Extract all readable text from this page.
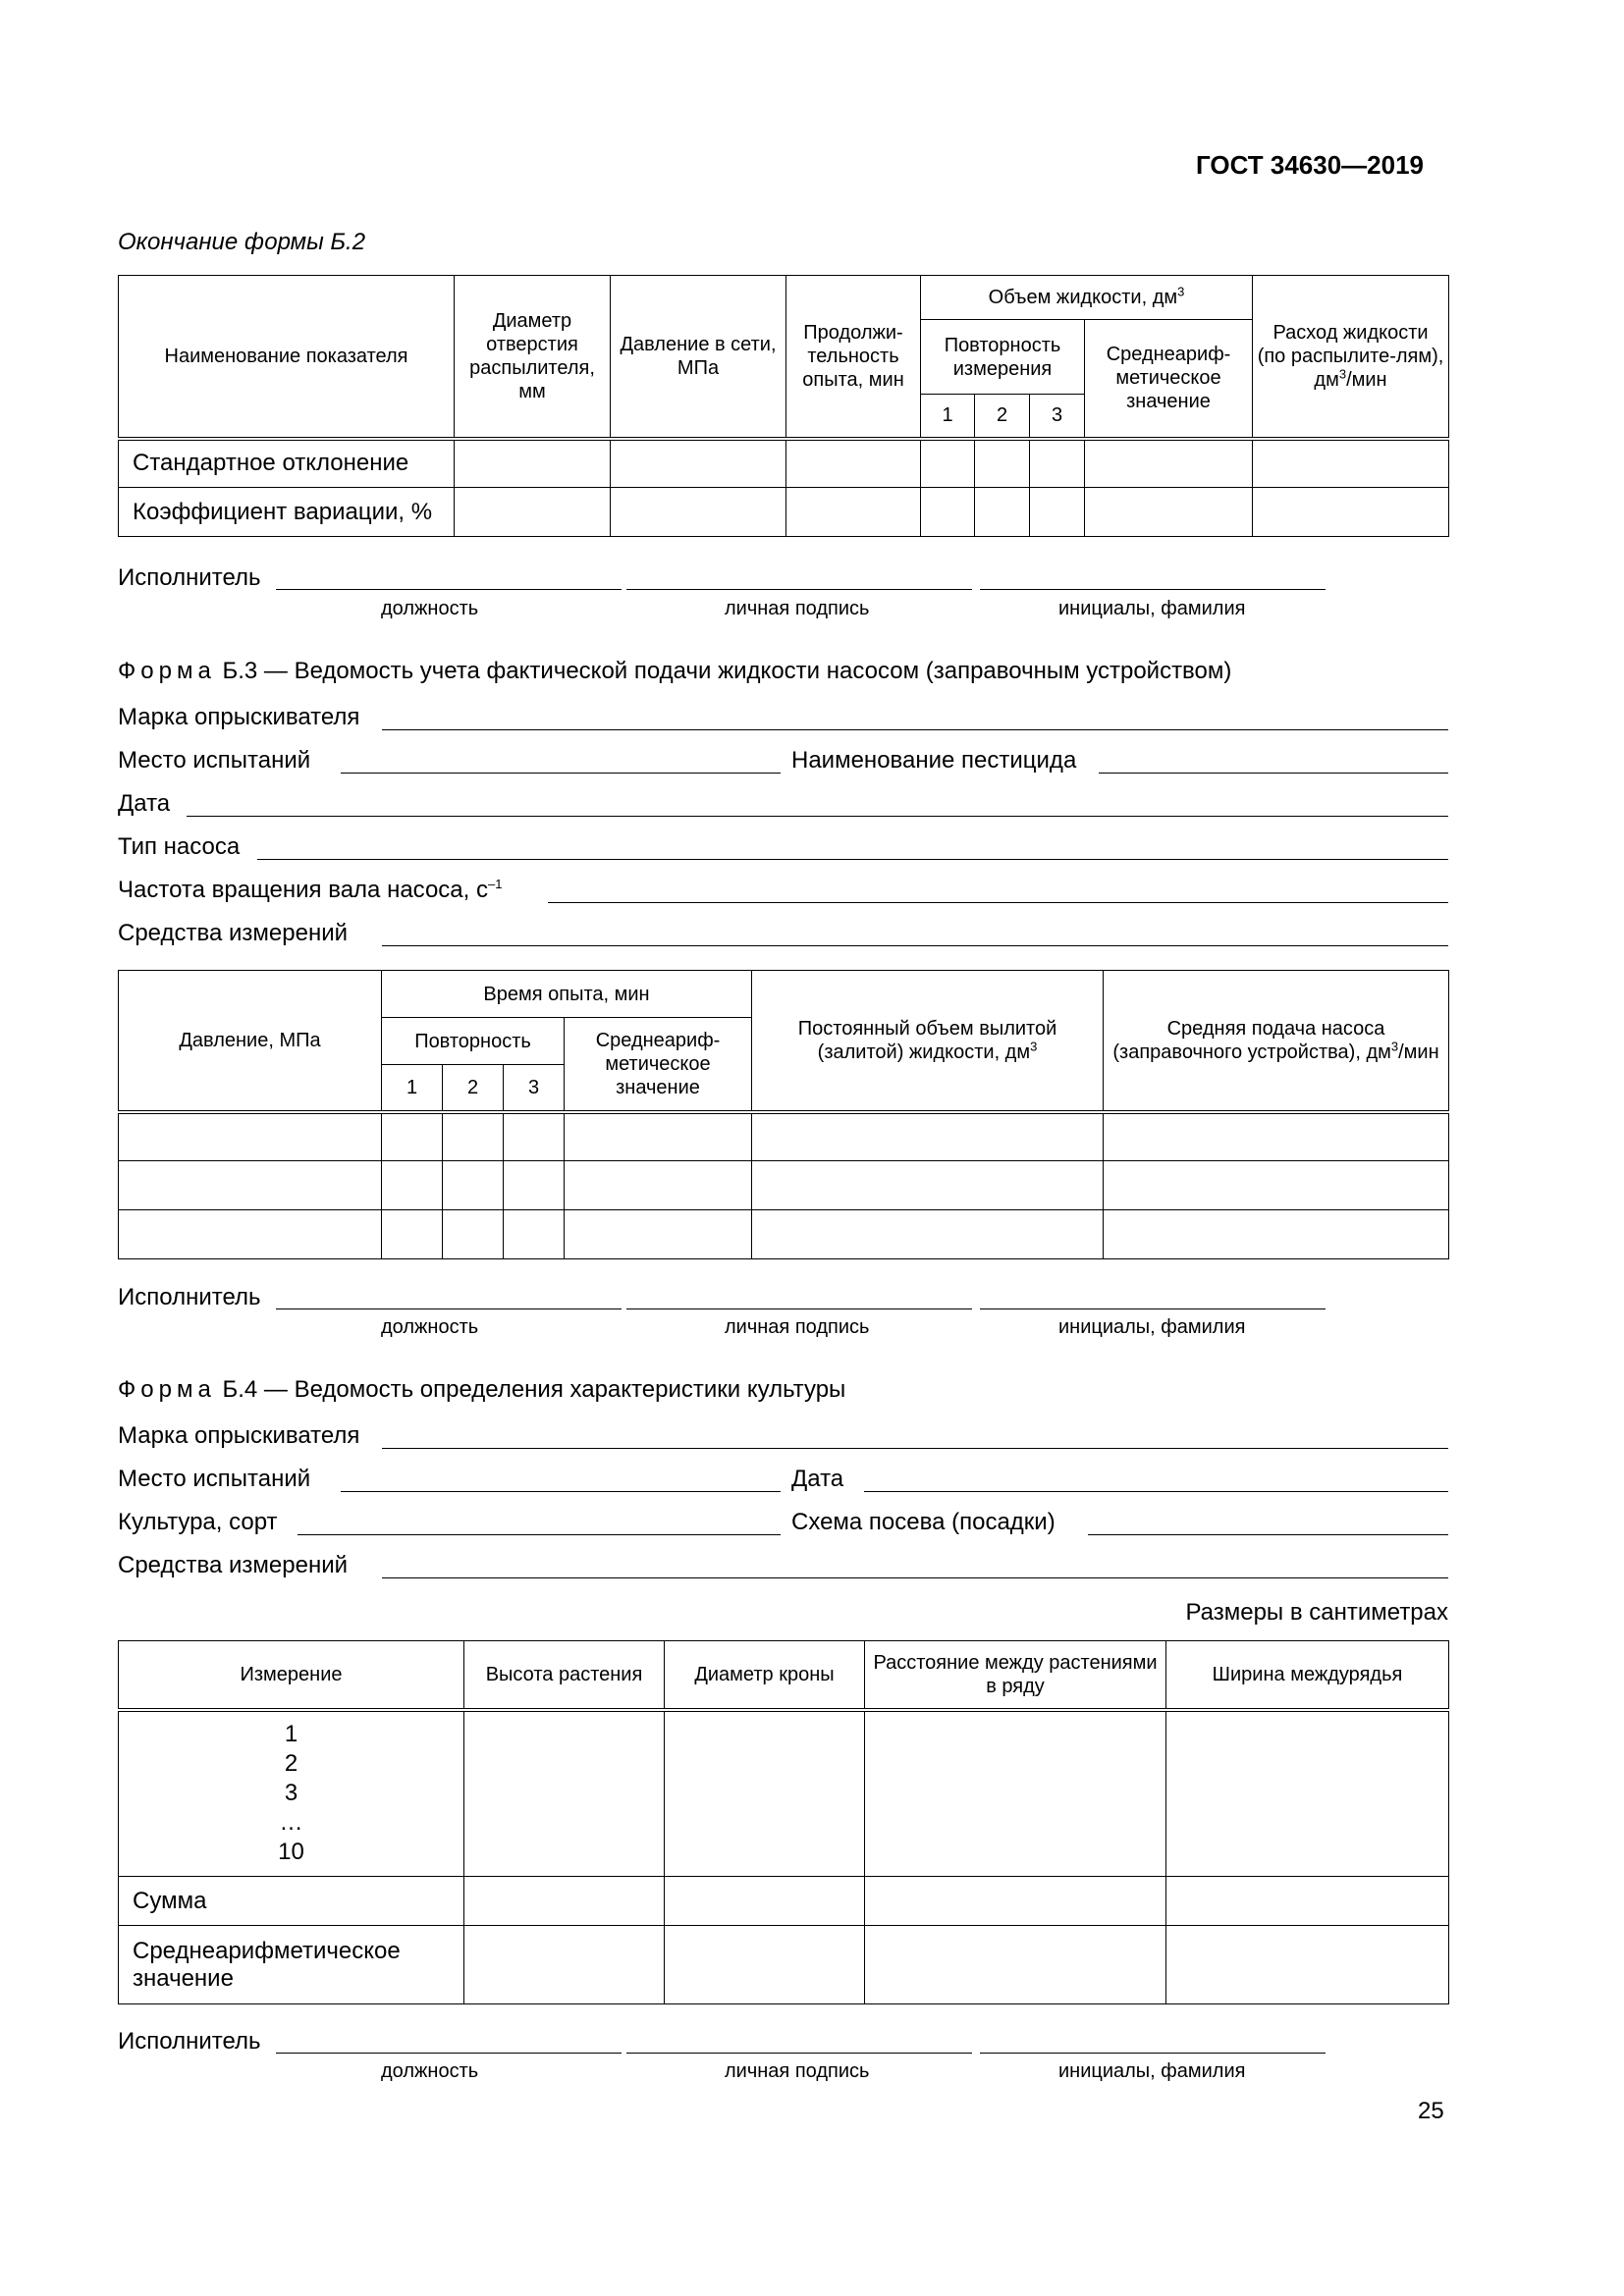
ГОСТ 34630—2019
Окончание формы Б.2
Наименование показателя	Диаметр отверстия распылителя, мм	Давление в сети, МПа	Продолжи-тельность опыта, мин	Объем жидкости, $дм^3$				Расход жидкости (по распылите-лям), $дм^3$/мин
				Повторность измерения			Среднеариф-метическое значение	
				1	2	3		
Стандартное отклонение								
Коэффициент вариации, %								
Исполнитель
должность	личная подпись	инициалы, фамилия
Форма Б.3 — Ведомость учета фактической подачи жидкости насосом (заправочным устройством)
Марка опрыскивателя
Место испытаний	Наименование пестицида
Дата
Тип насоса
Частота вращения вала насоса, $с^{-1}$
Средства измерений
Давление, МПа	Время опыта, мин				Постоянный объем вылитой (залитой) жидкости, $дм^3$	Средняя подача насоса (заправочного устройства), $дм^3$/мин
	Повторность			Среднеариф-метическое значение		
	1	2	3			

Исполнитель
должность	личная подпись	инициалы, фамилия
Форма Б.4 — Ведомость определения характеристики культуры
Марка опрыскивателя
Место испытаний	Дата
Культура, сорт	Схема посева (посадки)
Средства измерений
Размеры в сантиметрах
Измерение	Высота растения	Диаметр кроны	Расстояние между растениями в ряду	Ширина междурядья

1
2
3
…
10				

Сумма				
Среднеарифметическое значение				
Исполнитель
должность	личная подпись	инициалы, фамилия
25
